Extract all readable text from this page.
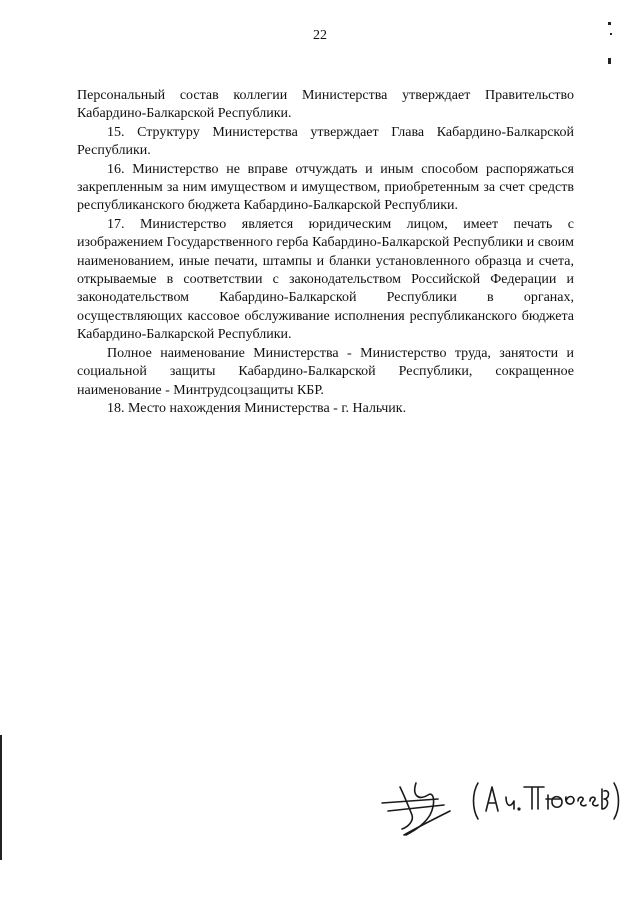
22

Персональный состав коллегии Министерства утверждает Правительство Кабардино-Балкарской Республики.

15. Структуру Министерства утверждает Глава Кабардино-Балкарской Республики.

16. Министерство не вправе отчуждать и иным способом распоряжаться закрепленным за ним имуществом и имуществом, приобретенным за счет средств республиканского бюджета Кабардино-Балкарской Республики.

17. Министерство является юридическим лицом, имеет печать с изображением Государственного герба Кабардино-Балкарской Республики и своим наименованием, иные печати, штампы и бланки установленного образца и счета, открываемые в соответствии с законодательством Российской Федерации и законодательством Кабардино-Балкарской Республики в органах, осуществляющих кассовое обслуживание исполнения республиканского бюджета Кабардино-Балкарской Республики.

Полное наименование Министерства - Министерство труда, занятости и социальной защиты Кабардино-Балкарской Республики, сокращенное наименование - Минтрудсоцзащиты КБР.

18. Место нахождения Министерства - г. Нальчик.
